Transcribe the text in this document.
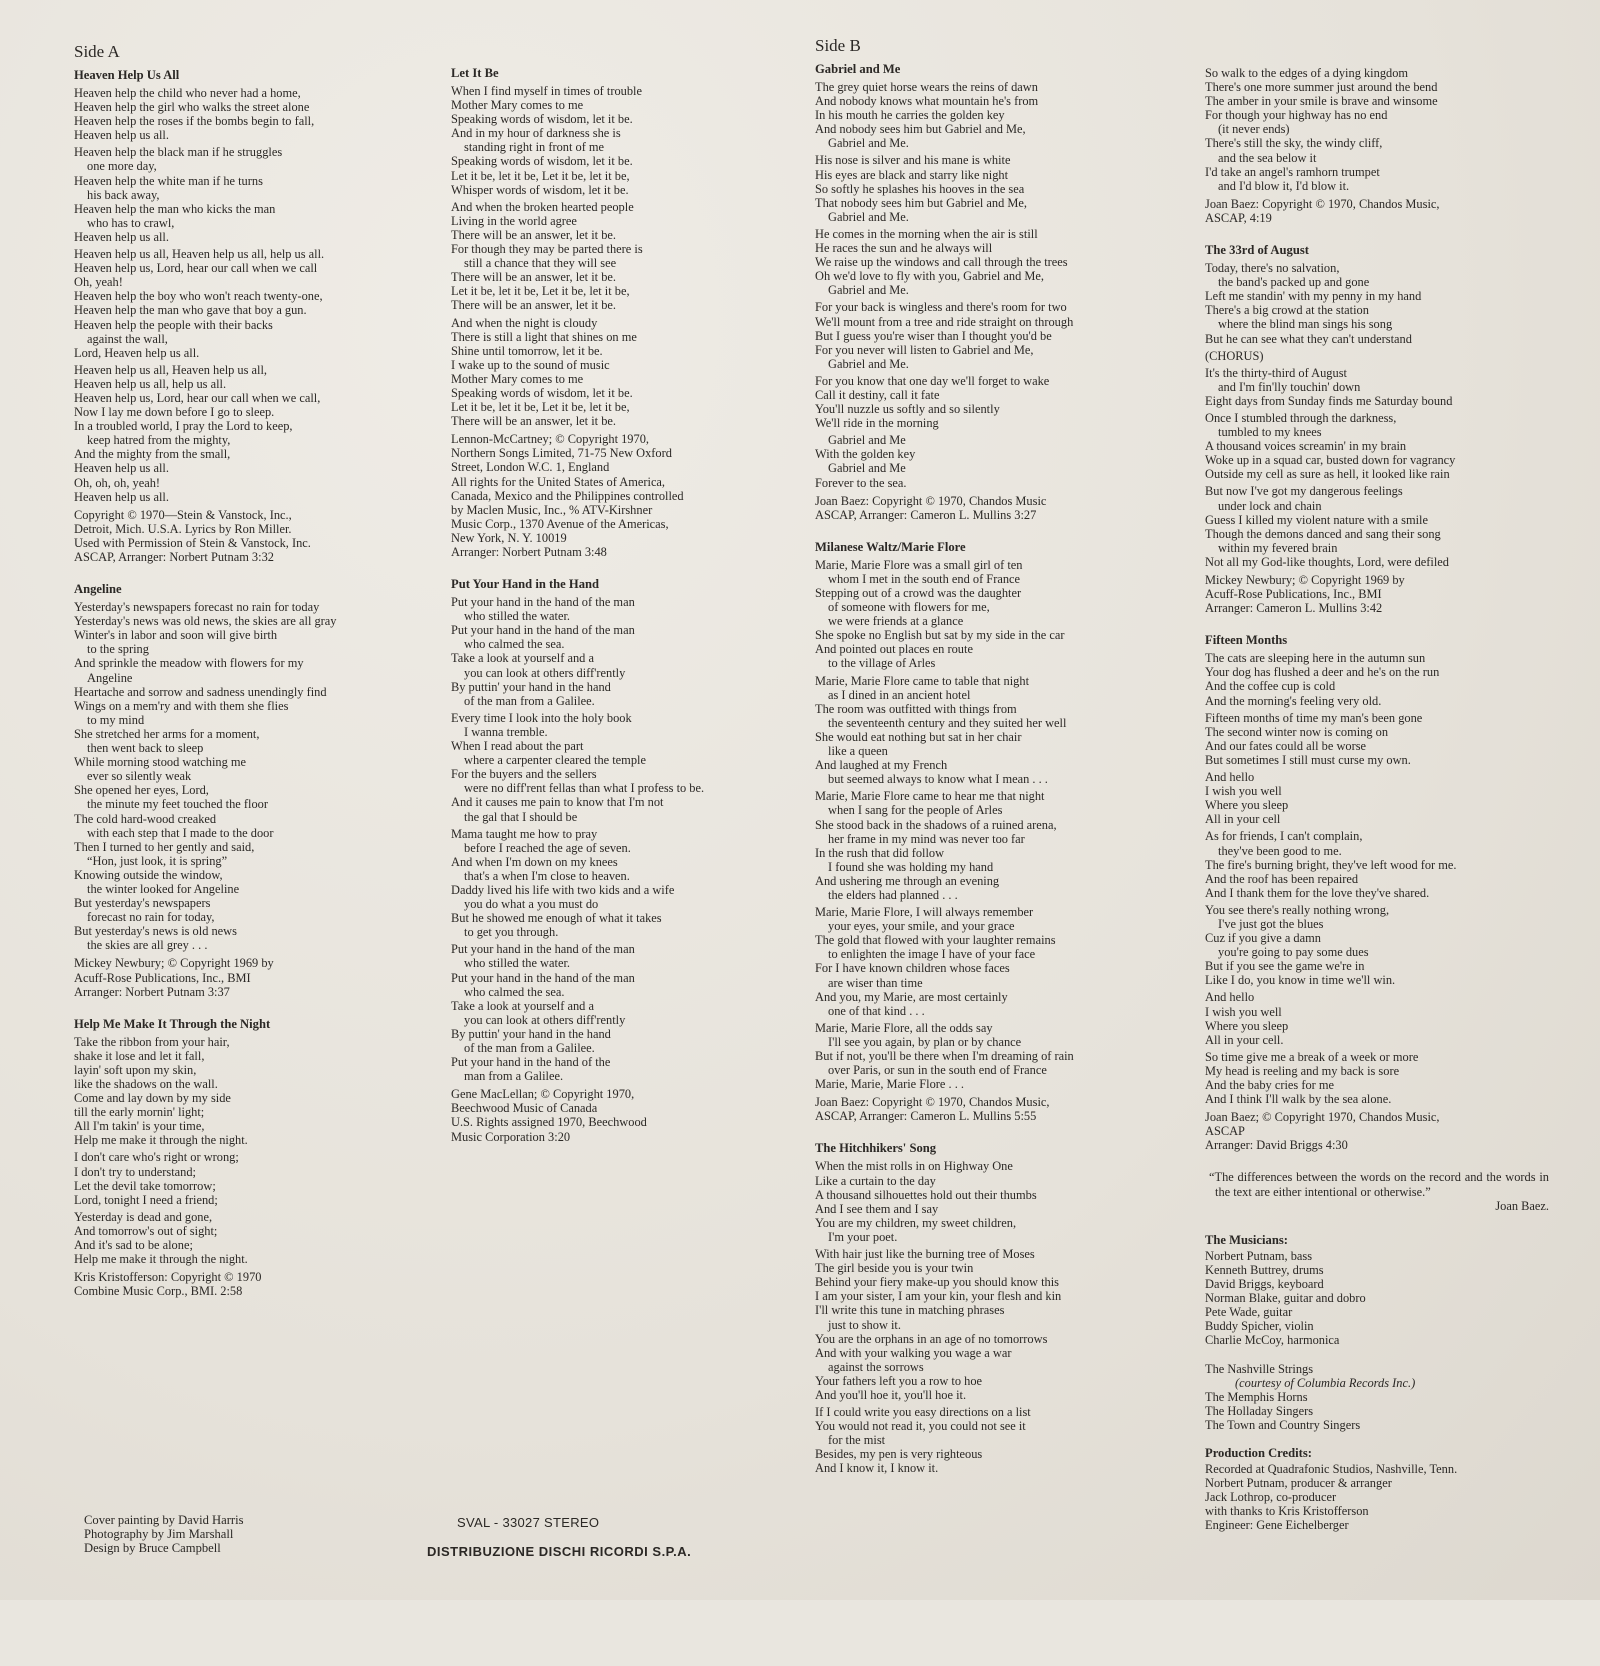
Side A
Heaven Help Us All
Heaven help the child who never had a home,
Heaven help the girl who walks the street alone
Heaven help the roses if the bombs begin to fall,
Heaven help us all.
Heaven help the black man if he struggles
one more day,
Heaven help the white man if he turns
his back away,
Heaven help the man who kicks the man
who has to crawl,
Heaven help us all.
Heaven help us all, Heaven help us all, help us all.
Heaven help us, Lord, hear our call when we call
Oh, yeah!
Heaven help the boy who won't reach twenty-one,
Heaven help the man who gave that boy a gun.
Heaven help the people with their backs
against the wall,
Lord, Heaven help us all.
Heaven help us all, Heaven help us all,
Heaven help us all, help us all.
Heaven help us, Lord, hear our call when we call,
Now I lay me down before I go to sleep.
In a troubled world, I pray the Lord to keep,
keep hatred from the mighty,
And the mighty from the small,
Heaven help us all.
Oh, oh, oh, yeah!
Heaven help us all.
Copyright © 1970—Stein & Vanstock, Inc.,
Detroit, Mich. U.S.A. Lyrics by Ron Miller.
Used with Permission of Stein & Vanstock, Inc.
ASCAP, Arranger: Norbert Putnam 3:32
Angeline
Yesterday's newspapers forecast no rain for today
Yesterday's news was old news, the skies are all gray
Winter's in labor and soon will give birth
to the spring
And sprinkle the meadow with flowers for my
Angeline
Heartache and sorrow and sadness unendingly find
Wings on a mem'ry and with them she flies
to my mind
She stretched her arms for a moment,
then went back to sleep
While morning stood watching me
ever so silently weak
She opened her eyes, Lord,
the minute my feet touched the floor
The cold hard-wood creaked
with each step that I made to the door
Then I turned to her gently and said,
“Hon, just look, it is spring”
Knowing outside the window,
the winter looked for Angeline
But yesterday's newspapers
forecast no rain for today,
But yesterday's news is old news
the skies are all grey . . .
Mickey Newbury; © Copyright 1969 by
Acuff-Rose Publications, Inc., BMI
Arranger: Norbert Putnam 3:37
Help Me Make It Through the Night
Take the ribbon from your hair,
shake it lose and let it fall,
layin' soft upon my skin,
like the shadows on the wall.
Come and lay down by my side
till the early mornin' light;
All I'm takin' is your time,
Help me make it through the night.
I don't care who's right or wrong;
I don't try to understand;
Let the devil take tomorrow;
Lord, tonight I need a friend;
Yesterday is dead and gone,
And tomorrow's out of sight;
And it's sad to be alone;
Help me make it through the night.
Kris Kristofferson: Copyright © 1970
Combine Music Corp., BMI. 2:58
Let It Be
When I find myself in times of trouble
Mother Mary comes to me
Speaking words of wisdom, let it be.
And in my hour of darkness she is
standing right in front of me
Speaking words of wisdom, let it be.
Let it be, let it be, Let it be, let it be,
Whisper words of wisdom, let it be.
And when the broken hearted people
Living in the world agree
There will be an answer, let it be.
For though they may be parted there is
still a chance that they will see
There will be an answer, let it be.
Let it be, let it be, Let it be, let it be,
There will be an answer, let it be.
And when the night is cloudy
There is still a light that shines on me
Shine until tomorrow, let it be.
I wake up to the sound of music
Mother Mary comes to me
Speaking words of wisdom, let it be.
Let it be, let it be, Let it be, let it be,
There will be an answer, let it be.
Lennon-McCartney; © Copyright 1970,
Northern Songs Limited, 71-75 New Oxford
Street, London W.C. 1, England
All rights for the United States of America,
Canada, Mexico and the Philippines controlled
by Maclen Music, Inc., % ATV-Kirshner
Music Corp., 1370 Avenue of the Americas,
New York, N. Y. 10019
Arranger: Norbert Putnam 3:48
Put Your Hand in the Hand
Put your hand in the hand of the man
who stilled the water.
Put your hand in the hand of the man
who calmed the sea.
Take a look at yourself and a
you can look at others diff'rently
By puttin' your hand in the hand
of the man from a Galilee.
Every time I look into the holy book
I wanna tremble.
When I read about the part
where a carpenter cleared the temple
For the buyers and the sellers
were no diff'rent fellas than what I profess to be.
And it causes me pain to know that I'm not
the gal that I should be
Mama taught me how to pray
before I reached the age of seven.
And when I'm down on my knees
that's a when I'm close to heaven.
Daddy lived his life with two kids and a wife
you do what a you must do
But he showed me enough of what it takes
to get you through.
Put your hand in the hand of the man
who stilled the water.
Put your hand in the hand of the man
who calmed the sea.
Take a look at yourself and a
you can look at others diff'rently
By puttin' your hand in the hand
of the man from a Galilee.
Put your hand in the hand of the
man from a Galilee.
Gene MacLellan; © Copyright 1970,
Beechwood Music of Canada
U.S. Rights assigned 1970, Beechwood
Music Corporation 3:20
Side B
Gabriel and Me
The grey quiet horse wears the reins of dawn
And nobody knows what mountain he's from
In his mouth he carries the golden key
And nobody sees him but Gabriel and Me,
Gabriel and Me.
His nose is silver and his mane is white
His eyes are black and starry like night
So softly he splashes his hooves in the sea
That nobody sees him but Gabriel and Me,
Gabriel and Me.
He comes in the morning when the air is still
He races the sun and he always will
We raise up the windows and call through the trees
Oh we'd love to fly with you, Gabriel and Me,
Gabriel and Me.
For your back is wingless and there's room for two
We'll mount from a tree and ride straight on through
But I guess you're wiser than I thought you'd be
For you never will listen to Gabriel and Me,
Gabriel and Me.
For you know that one day we'll forget to wake
Call it destiny, call it fate
You'll nuzzle us softly and so silently
We'll ride in the morning
Gabriel and Me
With the golden key
Gabriel and Me
Forever to the sea.
Joan Baez: Copyright © 1970, Chandos Music
ASCAP, Arranger: Cameron L. Mullins 3:27
Milanese Waltz/Marie Flore
Marie, Marie Flore was a small girl of ten
whom I met in the south end of France
Stepping out of a crowd was the daughter
of someone with flowers for me,
we were friends at a glance
She spoke no English but sat by my side in the car
And pointed out places en route
to the village of Arles
Marie, Marie Flore came to table that night
as I dined in an ancient hotel
The room was outfitted with things from
the seventeenth century and they suited her well
She would eat nothing but sat in her chair
like a queen
And laughed at my French
but seemed always to know what I mean . . .
Marie, Marie Flore came to hear me that night
when I sang for the people of Arles
She stood back in the shadows of a ruined arena,
her frame in my mind was never too far
In the rush that did follow
I found she was holding my hand
And ushering me through an evening
the elders had planned . . .
Marie, Marie Flore, I will always remember
your eyes, your smile, and your grace
The gold that flowed with your laughter remains
to enlighten the image I have of your face
For I have known children whose faces
are wiser than time
And you, my Marie, are most certainly
one of that kind . . .
Marie, Marie Flore, all the odds say
I'll see you again, by plan or by chance
But if not, you'll be there when I'm dreaming of rain
over Paris, or sun in the south end of France
Marie, Marie, Marie Flore . . .
Joan Baez: Copyright © 1970, Chandos Music,
ASCAP, Arranger: Cameron L. Mullins 5:55
The Hitchhikers' Song
When the mist rolls in on Highway One
Like a curtain to the day
A thousand silhouettes hold out their thumbs
And I see them and I say
You are my children, my sweet children,
I'm your poet.
With hair just like the burning tree of Moses
The girl beside you is your twin
Behind your fiery make-up you should know this
I am your sister, I am your kin, your flesh and kin
I'll write this tune in matching phrases
just to show it.
You are the orphans in an age of no tomorrows
And with your walking you wage a war
against the sorrows
Your fathers left you a row to hoe
And you'll hoe it, you'll hoe it.
If I could write you easy directions on a list
You would not read it, you could not see it
for the mist
Besides, my pen is very righteous
And I know it, I know it.
So walk to the edges of a dying kingdom
There's one more summer just around the bend
The amber in your smile is brave and winsome
For though your highway has no end
(it never ends)
There's still the sky, the windy cliff,
and the sea below it
I'd take an angel's ramhorn trumpet
and I'd blow it, I'd blow it.
Joan Baez: Copyright © 1970, Chandos Music,
ASCAP, 4:19
The 33rd of August
Today, there's no salvation,
the band's packed up and gone
Left me standin' with my penny in my hand
There's a big crowd at the station
where the blind man sings his song
But he can see what they can't understand
(CHORUS)
It's the thirty-third of August
and I'm fin'lly touchin' down
Eight days from Sunday finds me Saturday bound
Once I stumbled through the darkness,
tumbled to my knees
A thousand voices screamin' in my brain
Woke up in a squad car, busted down for vagrancy
Outside my cell as sure as hell, it looked like rain
But now I've got my dangerous feelings
under lock and chain
Guess I killed my violent nature with a smile
Though the demons danced and sang their song
within my fevered brain
Not all my God-like thoughts, Lord, were defiled
Mickey Newbury; © Copyright 1969 by
Acuff-Rose Publications, Inc., BMI
Arranger: Cameron L. Mullins 3:42
Fifteen Months
The cats are sleeping here in the autumn sun
Your dog has flushed a deer and he's on the run
And the coffee cup is cold
And the morning's feeling very old.
Fifteen months of time my man's been gone
The second winter now is coming on
And our fates could all be worse
But sometimes I still must curse my own.
And hello
I wish you well
Where you sleep
All in your cell
As for friends, I can't complain,
they've been good to me.
The fire's burning bright, they've left wood for me.
And the roof has been repaired
And I thank them for the love they've shared.
You see there's really nothing wrong,
I've just got the blues
Cuz if you give a damn
you're going to pay some dues
But if you see the game we're in
Like I do, you know in time we'll win.
And hello
I wish you well
Where you sleep
All in your cell.
So time give me a break of a week or more
My head is reeling and my back is sore
And the baby cries for me
And I think I'll walk by the sea alone.
Joan Baez; © Copyright 1970, Chandos Music,
ASCAP
Arranger: David Briggs 4:30
“The differences between the words on the record and the words in the text are either intentional or otherwise.”
Joan Baez.
The Musicians:
Norbert Putnam, bass
Kenneth Buttrey, drums
David Briggs, keyboard
Norman Blake, guitar and dobro
Pete Wade, guitar
Buddy Spicher, violin
Charlie McCoy, harmonica
The Nashville Strings
(courtesy of Columbia Records Inc.)
The Memphis Horns
The Holladay Singers
The Town and Country Singers
Production Credits:
Recorded at Quadrafonic Studios, Nashville, Tenn.
Norbert Putnam, producer & arranger
Jack Lothrop, co-producer
with thanks to Kris Kristofferson
Engineer: Gene Eichelberger
Cover painting by David Harris
Photography by Jim Marshall
Design by Bruce Campbell
SVAL - 33027 STEREO
DISTRIBUZIONE DISCHI RICORDI S.P.A.
